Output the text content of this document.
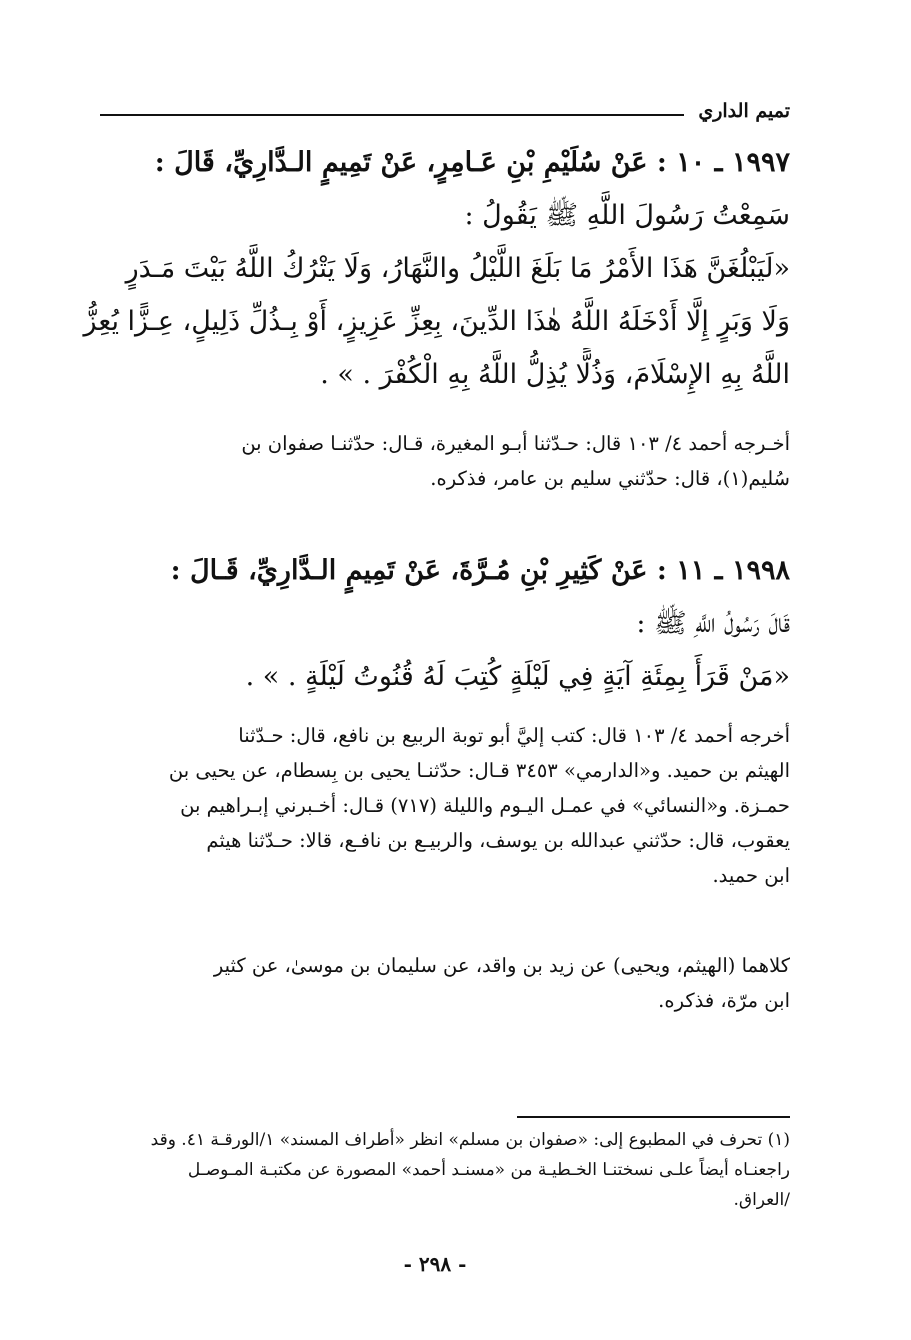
تميم الداري
١٩٩٧ ـ ١٠ : عَنْ سُلَيْمِ بْنِ عَـامِرٍ، عَنْ تَمِيمٍ الـدَّارِيِّ، قَالَ :
سَمِعْتُ رَسُولَ اللَّهِ ﷺ يَقُولُ :
«لَيَبْلُغَنَّ هَذَا الأَمْرُ مَا بَلَغَ اللَّيْلُ والنَّهَارُ، وَلَا يَتْرُكُ اللَّهُ بَيْتَ مَـدَرٍ
وَلَا وَبَرٍ إِلَّا أَدْخَلَهُ اللَّهُ هٰذَا الدِّينَ، بِعِزِّ عَزِيزٍ، أَوْ بِـذُلِّ ذَلِيلٍ، عِـزًّا يُعِزُّ
اللَّهُ بِهِ الإِسْلَامَ، وَذُلًّا يُذِلُّ اللَّهُ بِهِ الْكُفْرَ . » .
أخـرجه أحمد ٤/ ١٠٣ قال: حـدّثنا أبـو المغيرة، قـال: حدّثنـا صفوان بن
سُليم(١)، قال: حدّثني سليم بن عامر، فذكره.
١٩٩٨ ـ ١١ : عَنْ كَثِيرِ بْنِ مُـرَّةَ، عَنْ تَمِيمٍ الـدَّارِيِّ، قَـالَ :
قَالَ رَسُولُ اللَّهِ ﷺ :
«مَنْ قَرَأَ بِمِئَةِ آيَةٍ فِي لَيْلَةٍ كُتِبَ لَهُ قُنُوتُ لَيْلَةٍ . » .
أخرجه أحمد ٤/ ١٠٣ قال: كتب إليَّ أبو توبة الربيع بن نافع، قال: حـدّثنا
الهيثم بن حميد. و«الدارمي» ٣٤٥٣ قـال: حدّثنـا يحيى بن بِسطام، عن يحيى بن
حمـزة. و«النسائي» في عمـل اليـوم والليلة (٧١٧) قـال: أخـبرني إبـراهيم بن
يعقوب، قال: حدّثني عبدالله بن يوسف، والربيـع بن نافـع، قالا: حـدّثنا هيثم
ابن حميد.
كلاهما (الهيثم، ويحيى) عن زيد بن واقد، عن سليمان بن موسىٰ، عن كثير
ابن مرّة، فذكره.
(١) تحرف في المطبوع إلى: «صفوان بن مسلم» انظر «أطراف المسند» ١/الورقـة ٤١. وقد
راجعنـاه أيضاً علـى نسختنـا الخـطيـة من «مسنـد أحمد» المصورة عن مكتبـة المـوصـل
/العراق.
- ٢٩٨ -
